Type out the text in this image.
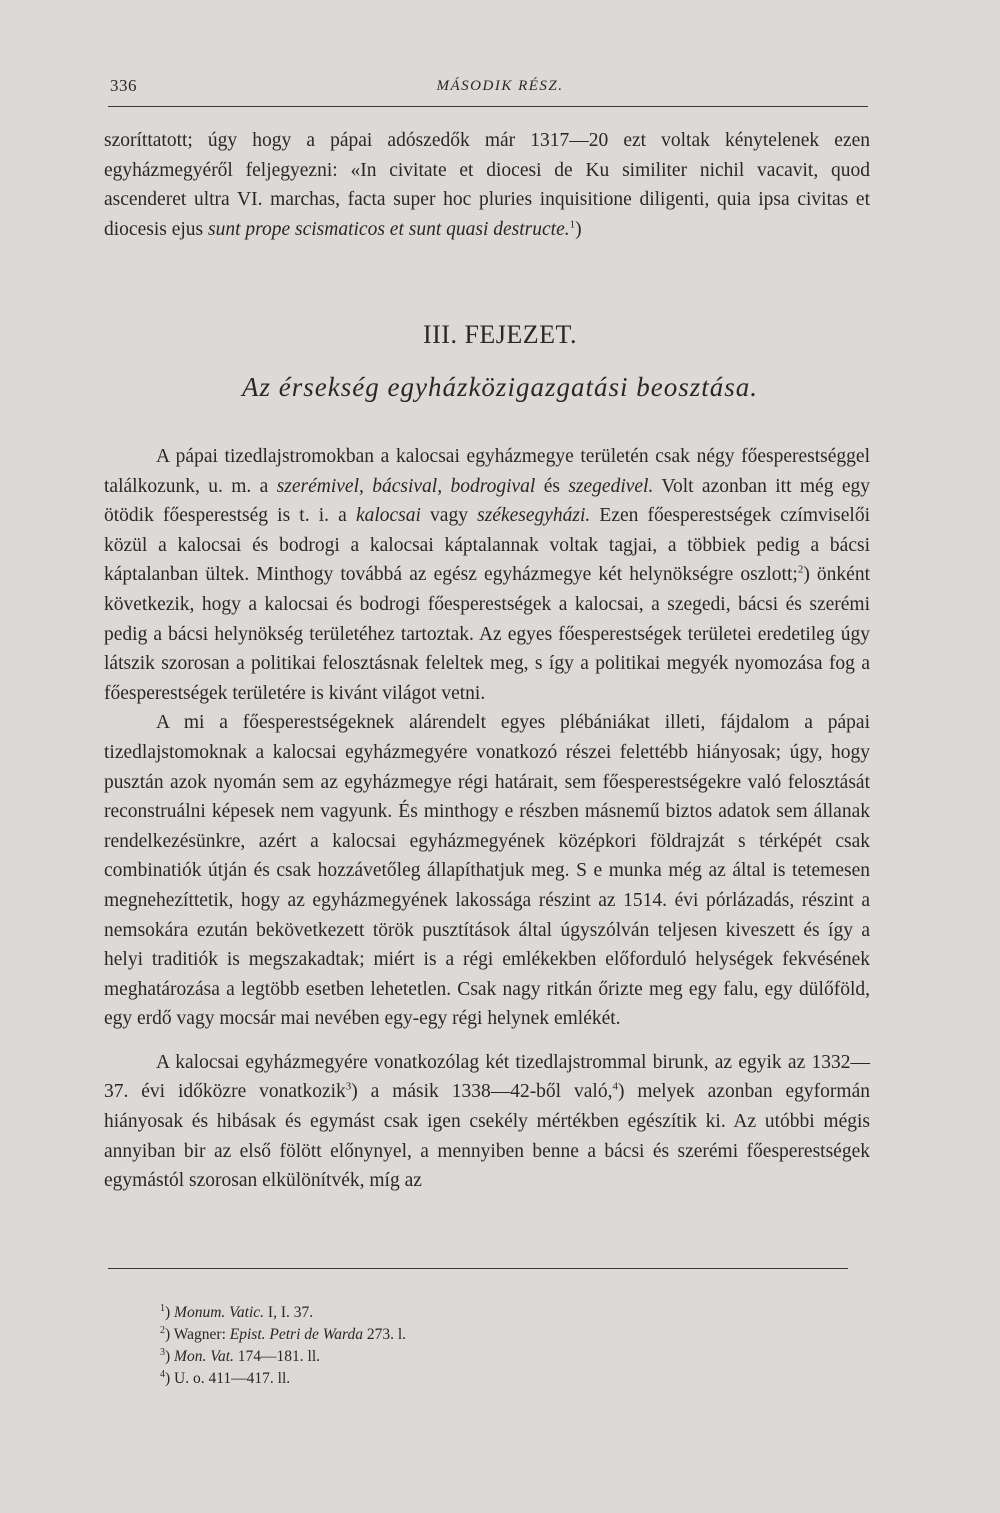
336	MÁSODIK RÉSZ.

szoríttatott; úgy hogy a pápai adószedők már 1317—20 ezt voltak kénytelenek ezen egyházmegyéről feljegyezni: «In civitate et diocesi de Ku similiter nichil vacavit, quod ascenderet ultra VI. marchas, facta super hoc pluries inquisitione diligenti, quia ipsa civitas et diocesis ejus sunt prope scismaticos et sunt quasi destructe.$^1$)

III. FEJEZET.
Az érsekség egyházközigazgatási beosztása.

A pápai tizedlajstromokban a kalocsai egyházmegye területén csak négy főesperestséggel találkozunk, u. m. a szerémivel, bácsival, bodrogival és szegedivel. Volt azonban itt még egy ötödik főesperestség is t. i. a kalocsai vagy székesegyházi. Ezen főesperestségek czímviselői közül a kalocsai és bodrogi a kalocsai káptalannak voltak tagjai, a többiek pedig a bácsi káptalanban ültek. Minthogy továbbá az egész egyházmegye két helynökségre oszlott;$^2$) önként következik, hogy a kalocsai és bodrogi főesperestségek a kalocsai, a szegedi, bácsi és szerémi pedig a bácsi helynökség területéhez tartoztak. Az egyes főesperestségek területei eredetileg úgy látszik szorosan a politikai felosztásnak feleltek meg, s így a politikai megyék nyomozása fog a főesperestségek területére is kivánt világot vetni.

A mi a főesperestségeknek alárendelt egyes plébániákat illeti, fájdalom a pápai tizedlajstomoknak a kalocsai egyházmegyére vonatkozó részei felettébb hiányosak; úgy, hogy pusztán azok nyomán sem az egyházmegye régi határait, sem főesperestségekre való felosztását reconstruálni képesek nem vagyunk. És minthogy e részben másnemű biztos adatok sem állanak rendelkezésünkre, azért a kalocsai egyházmegyének középkori földrajzát s térképét csak combinatiók útján és csak hozzávetőleg állapíthatjuk meg. S e munka még az által is tetemesen megnehezíttetik, hogy az egyházmegyének lakossága részint az 1514. évi pórlázadás, részint a nemsokára ezután bekövetkezett török pusztítások által úgyszólván teljesen kiveszett és így a helyi traditiók is megszakadtak; miért is a régi emlékekben előforduló helységek fekvésének meghatározása a legtöbb esetben lehetetlen. Csak nagy ritkán őrizte meg egy falu, egy dülőföld, egy erdő vagy mocsár mai nevében egy-egy régi helynek emlékét.

A kalocsai egyházmegyére vonatkozólag két tizedlajstrommal birunk, az egyik az 1332—37. évi időközre vonatkozik$^3$) a másik 1338—42-ből való,$^4$) melyek azonban egyformán hiányosak és hibásak és egymást csak igen csekély mértékben egészítik ki. Az utóbbi mégis annyiban bir az első fölött előnynyel, a mennyiben benne a bácsi és szerémi főesperestségek egymástól szorosan elkülönítvék, míg az

$^1$) Monum. Vatic. I, I. 37.
$^2$) Wagner: Epist. Petri de Warda 273. l.
$^3$) Mon. Vat. 174—181. ll.
$^4$) U. o. 411—417. ll.
